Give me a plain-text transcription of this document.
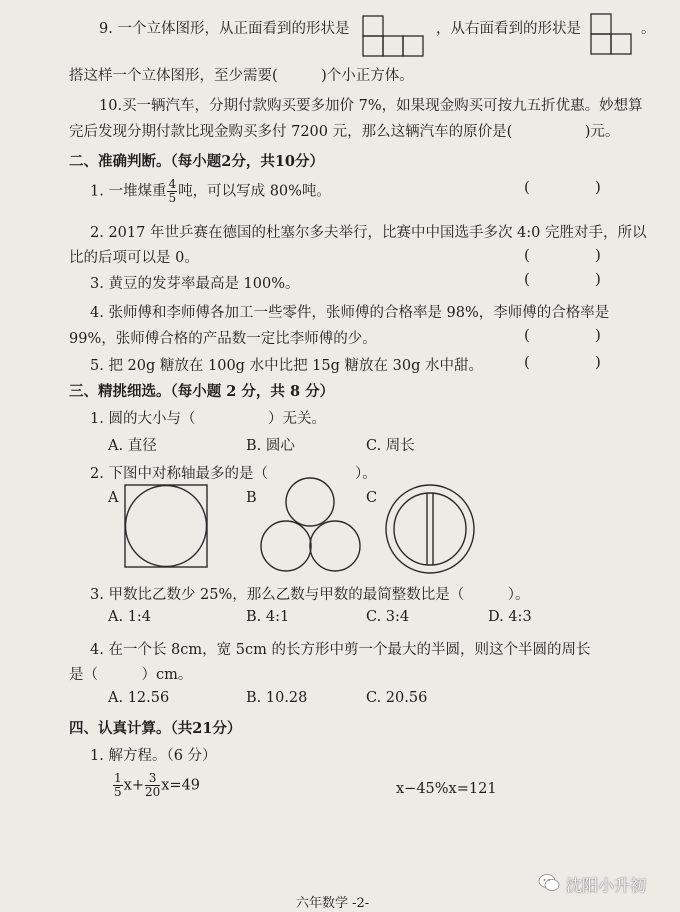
9. 一个立体图形，从正面看到的形状是	，从右面看到的形状是	。
搭这样一个立体图形，至少需要(　　　)个小正方体。
10.买一辆汽车，分期付款购买要多加价 7%，如果现金购买可按九五折优惠。妙想算
完后发现分期付款比现金购买多付 7200 元，那么这辆汽车的原价是(　　　　　)元。
二、准确判断。（每小题2分，共10分）
1. 一堆煤重 $\frac{4}{5}$ 吨，可以写成 80%吨。	(	)
2. 2017 年世乒赛在德国的杜塞尔多夫举行，比赛中中国选手多次 4:0 完胜对手，所以
比的后项可以是 0。	(	)
3. 黄豆的发芽率最高是 100%。	(	)
4. 张师傅和李师傅各加工一些零件，张师傅的合格率是 98%，李师傅的合格率是
99%，张师傅合格的产品数一定比李师傅的少。	(	)
5. 把 20g 糖放在 100g 水中比把 15g 糖放在 30g 水中甜。	(	)
三、精挑细选。（每小题 2 分，共 8 分）
1. 圆的大小与（　　　　　）无关。
A. 直径	B. 圆心	C. 周长
2. 下图中对称轴最多的是（　　　　　　）。
A	B	C
3. 甲数比乙数少 25%，那么乙数与甲数的最简整数比是（　　　）。
A. 1:4	B. 4:1	C. 3:4	D. 4:3
4. 在一个长 8cm，宽 5cm 的长方形中剪一个最大的半圆，则这个半圆的周长
是（　　　）cm。
A. 12.56	B. 10.28	C. 20.56
四、认真计算。（共21分）
1. 解方程。（6 分）
$\frac{1}{5} x+ \frac{3}{20} x=49$	x−45%x=121
六年数学 -2-
沈阳小升初
